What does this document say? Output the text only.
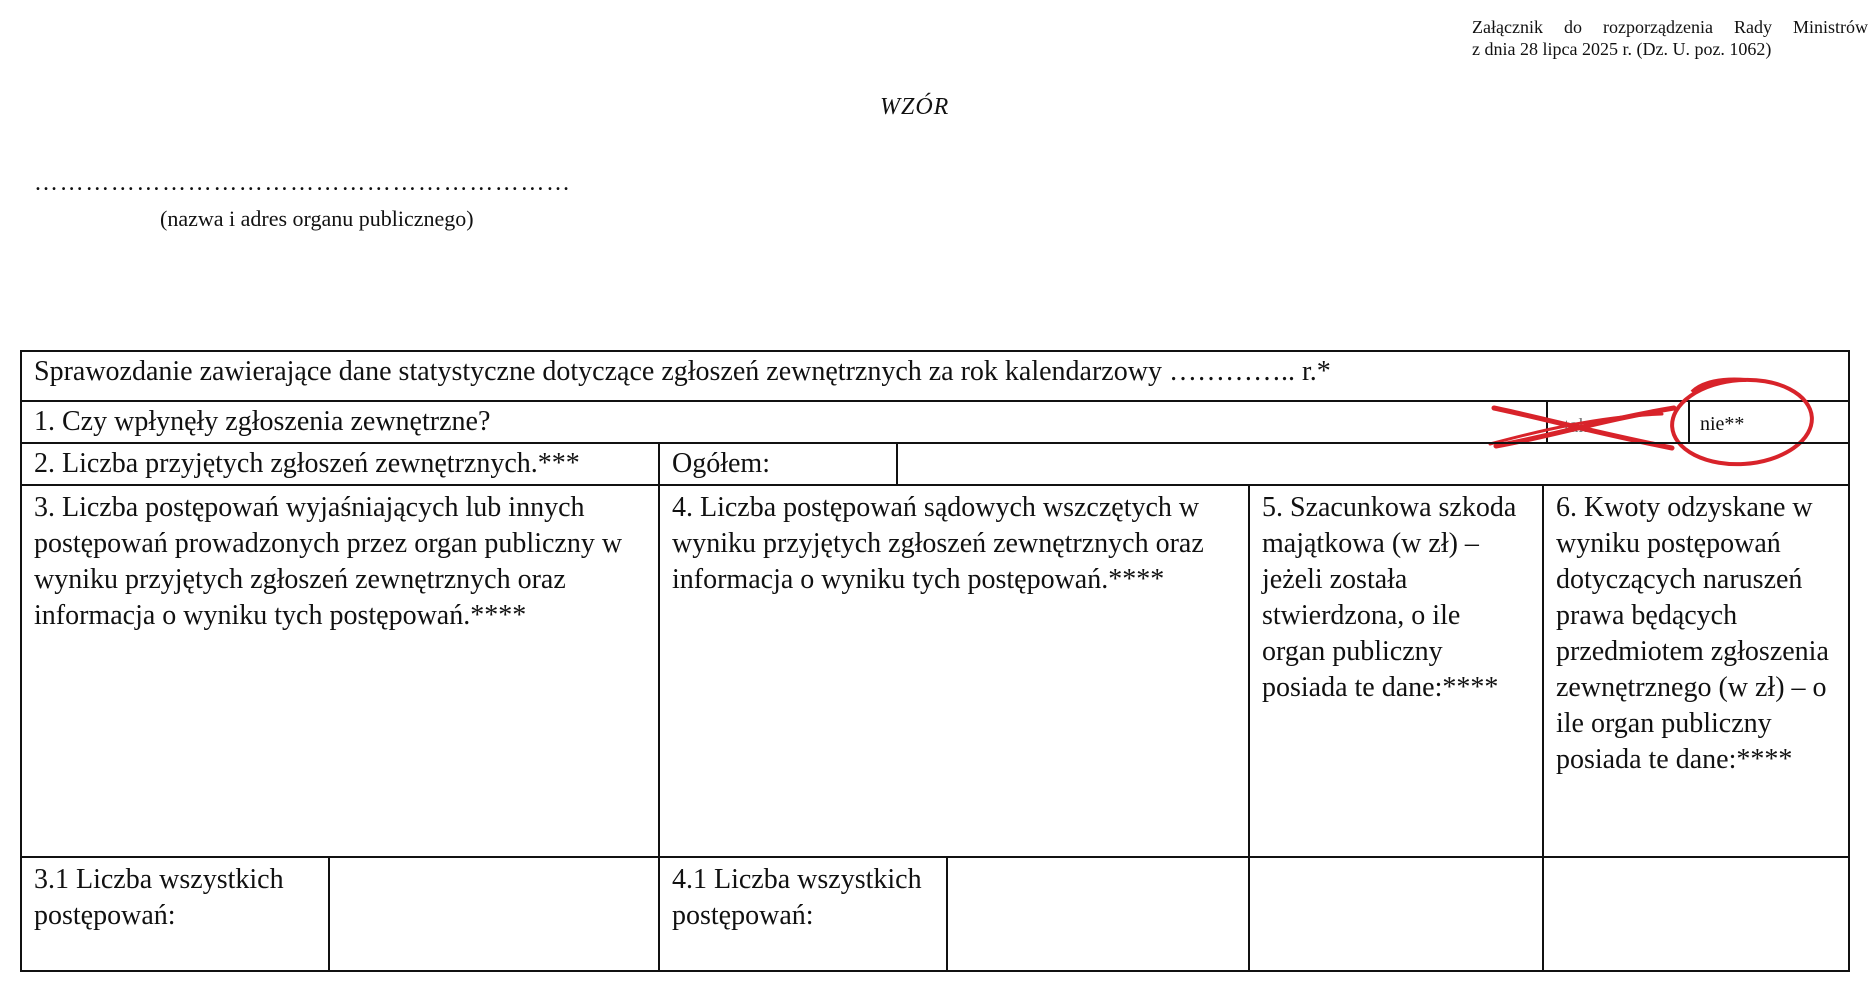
Załącznik do rozporządzenia Rady Ministrów
z dnia 28 lipca 2025 r. (Dz. U. poz. 1062)
WZÓR
………………………………………………………
(nazwa i adres organu publicznego)
Sprawozdanie zawierające dane statystyczne dotyczące zgłoszeń zewnętrznych za rok kalendarzowy ………….. r.*
1. Czy wpłynęły zgłoszenia zewnętrzne?	tak	nie**
2. Liczba przyjętych zgłoszeń zewnętrznych.***	Ogółem:
3. Liczba postępowań wyjaśniających lub innych postępowań prowadzonych przez organ publiczny w wyniku przyjętych zgłoszeń zewnętrznych oraz informacja o wyniku tych postępowań.****
4. Liczba postępowań sądowych wszczętych w wyniku przyjętych zgłoszeń zewnętrznych oraz informacja o wyniku tych postępowań.****
5. Szacunkowa szkoda majątkowa (w zł) – jeżeli została stwierdzona, o ile organ publiczny posiada te dane:****
6. Kwoty odzyskane w wyniku postępowań dotyczących naruszeń prawa będących przedmiotem zgłoszenia zewnętrznego (w zł) – o ile organ publiczny posiada te dane:****
3.1 Liczba wszystkich postępowań:
4.1 Liczba wszystkich postępowań:
